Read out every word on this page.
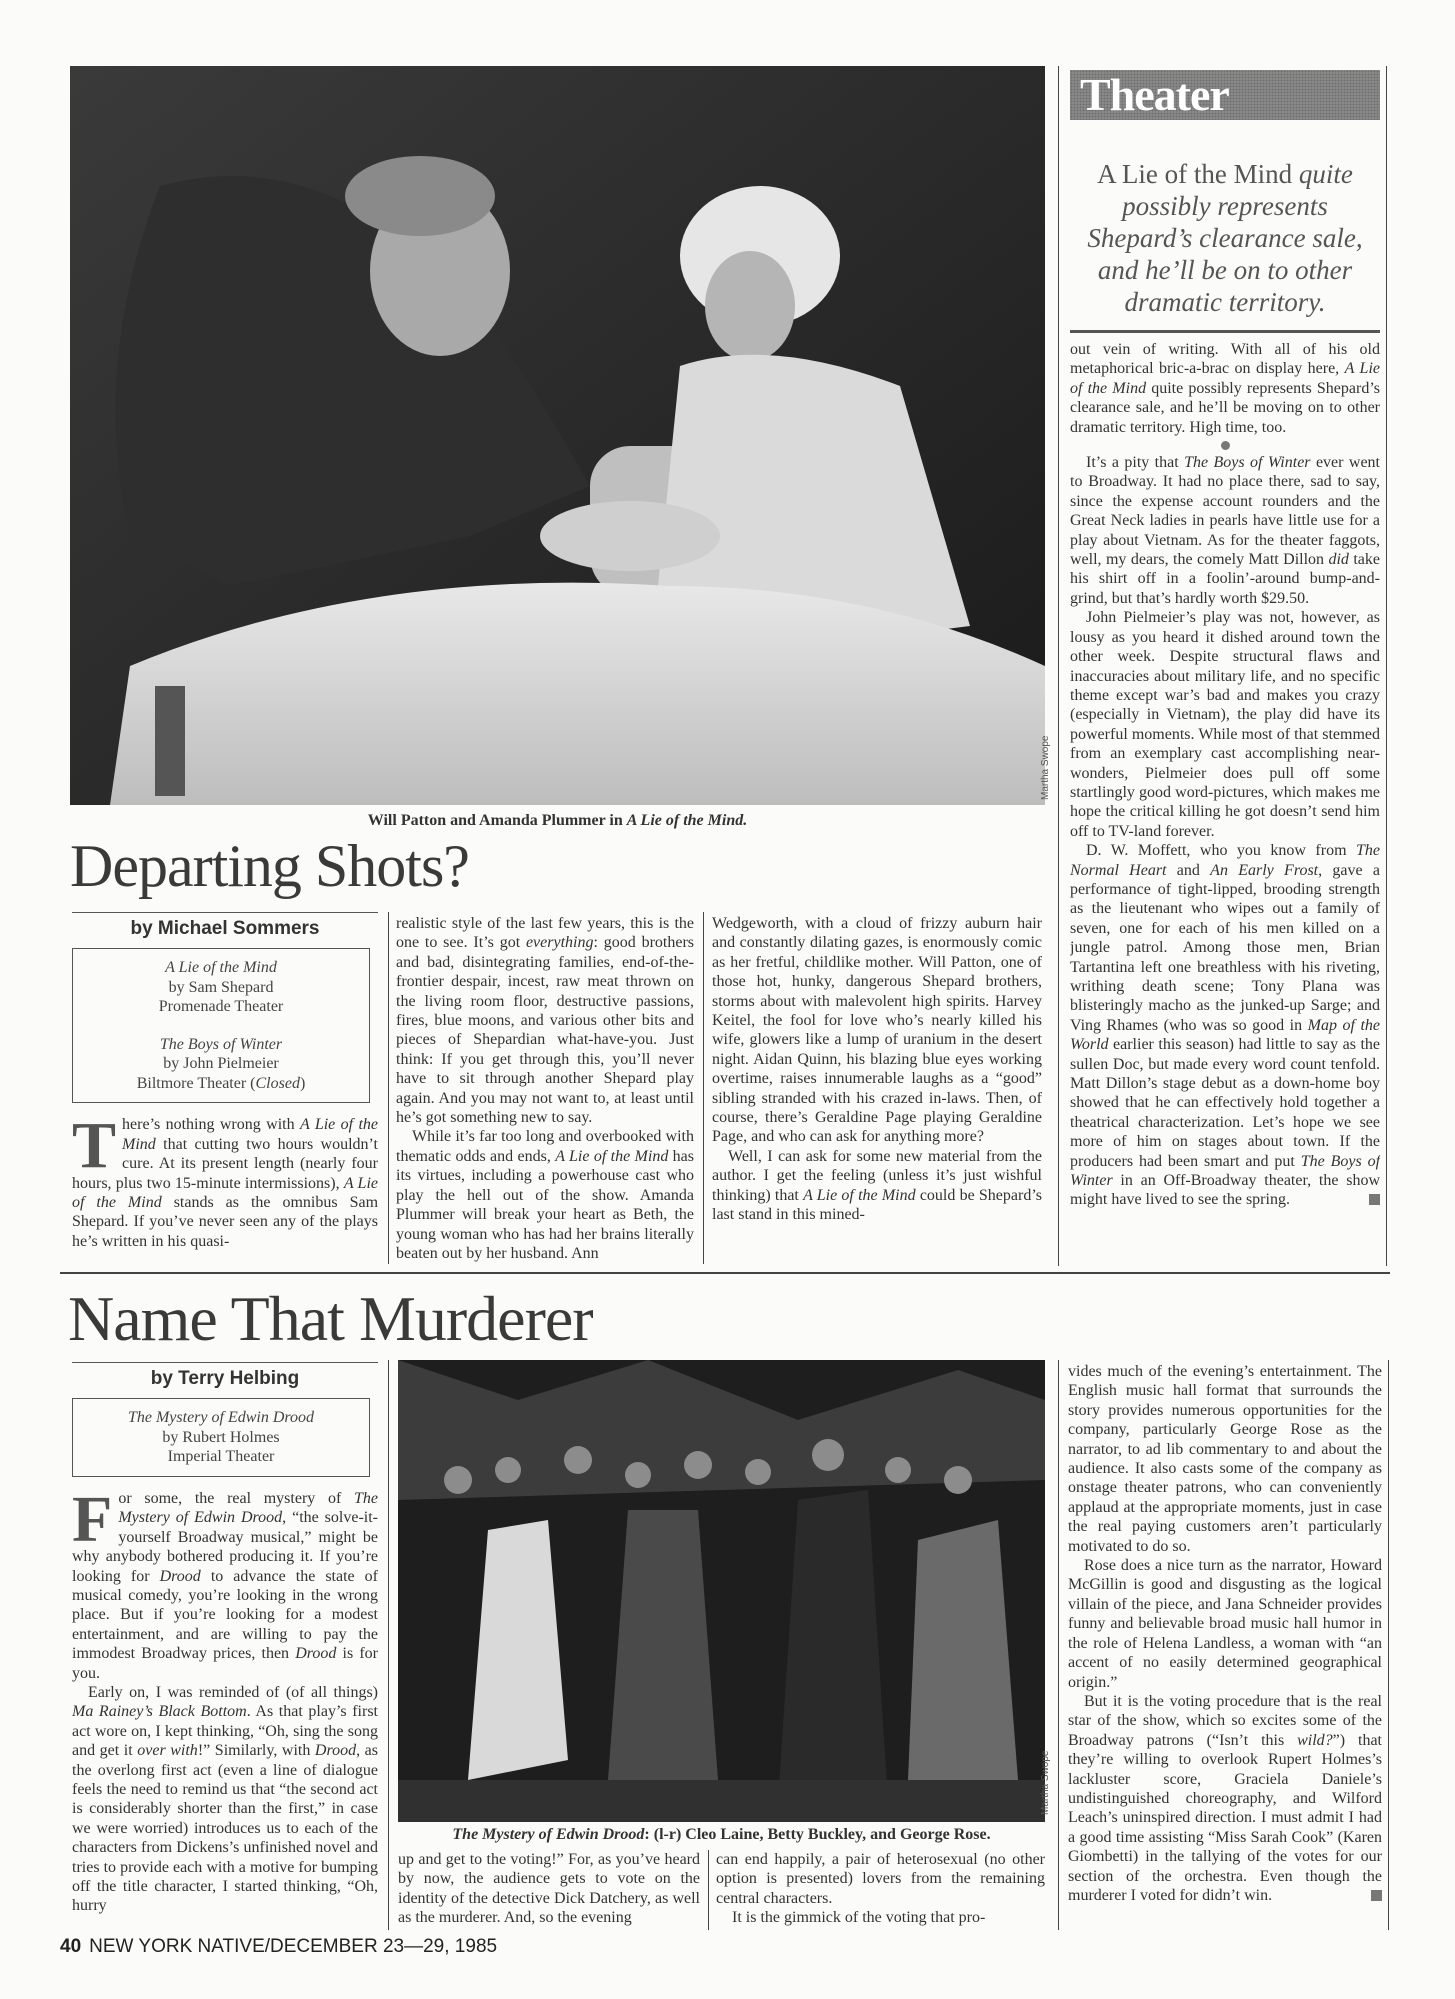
Martha Swope
Will Patton and Amanda Plummer in A Lie of the Mind.
Theater
A Lie of the Mind quite possibly represents Shepard’s clearance sale, and he’ll be on to other dramatic territory.

out vein of writing. With all of his old metaphorical bric-a-brac on display here, A Lie of the Mind quite possibly represents Shepard’s clearance sale, and he’ll be moving on to other dramatic territory. High time, too.

It’s a pity that The Boys of Winter ever went to Broadway. It had no place there, sad to say, since the expense account rounders and the Great Neck ladies in pearls have little use for a play about Vietnam. As for the theater faggots, well, my dears, the comely Matt Dillon did take his shirt off in a foolin’-around bump-and-grind, but that’s hardly worth $29.50.

John Pielmeier’s play was not, however, as lousy as you heard it dished around town the other week. Despite structural flaws and inaccuracies about military life, and no specific theme except war’s bad and makes you crazy (especially in Vietnam), the play did have its powerful moments. While most of that stemmed from an exemplary cast accomplishing near-wonders, Pielmeier does pull off some startlingly good word-pictures, which makes me hope the critical killing he got doesn’t send him off to TV-land forever.

D. W. Moffett, who you know from The Normal Heart and An Early Frost, gave a performance of tight-lipped, brooding strength as the lieutenant who wipes out a family of seven, one for each of his men killed on a jungle patrol. Among those men, Brian Tartantina left one breathless with his riveting, writhing death scene; Tony Plana was blisteringly macho as the junked-up Sarge; and Ving Rhames (who was so good in Map of the World earlier this season) had little to say as the sullen Doc, but made every word count tenfold. Matt Dillon’s stage debut as a down-home boy showed that he can effectively hold together a theatrical characterization. Let’s hope we see more of him on stages about town. If the producers had been smart and put The Boys of Winter in an Off-Broadway theater, the show might have lived to see the spring.

Departing Shots?
by Michael Sommers
A Lie of the Mind
by Sam Shepard
Promenade Theater
The Boys of Winter
by John Pielmeier
Biltmore Theater (Closed)

There’s nothing wrong with A Lie of the Mind that cutting two hours wouldn’t cure. At its present length (nearly four hours, plus two 15-minute intermissions), A Lie of the Mind stands as the omnibus Sam Shepard. If you’ve never seen any of the plays he’s written in his quasi-

realistic style of the last few years, this is the one to see. It’s got everything: good brothers and bad, disintegrating families, end-of-the-frontier despair, incest, raw meat thrown on the living room floor, destructive passions, fires, blue moons, and various other bits and pieces of Shepardian what-have-you. Just think: If you get through this, you’ll never have to sit through another Shepard play again. And you may not want to, at least until he’s got something new to say.

While it’s far too long and overbooked with thematic odds and ends, A Lie of the Mind has its virtues, including a powerhouse cast who play the hell out of the show. Amanda Plummer will break your heart as Beth, the young woman who has had her brains literally beaten out by her husband. Ann

Wedgeworth, with a cloud of frizzy auburn hair and constantly dilating gazes, is enormously comic as her fretful, childlike mother. Will Patton, one of those hot, hunky, dangerous Shepard brothers, storms about with malevolent high spirits. Harvey Keitel, the fool for love who’s nearly killed his wife, glowers like a lump of uranium in the desert night. Aidan Quinn, his blazing blue eyes working overtime, raises innumerable laughs as a “good” sibling stranded with his crazed in-laws. Then, of course, there’s Geraldine Page playing Geraldine Page, and who can ask for anything more?

Well, I can ask for some new material from the author. I get the feeling (unless it’s just wishful thinking) that A Lie of the Mind could be Shepard’s last stand in this mined-

Name That Murderer
by Terry Helbing
The Mystery of Edwin Drood
by Rubert Holmes
Imperial Theater

For some, the real mystery of The Mystery of Edwin Drood, “the solve-it-yourself Broadway musical,” might be why anybody bothered producing it. If you’re looking for Drood to advance the state of musical comedy, you’re looking in the wrong place. But if you’re looking for a modest entertainment, and are willing to pay the immodest Broadway prices, then Drood is for you.

Early on, I was reminded of (of all things) Ma Rainey’s Black Bottom. As that play’s first act wore on, I kept thinking, “Oh, sing the song and get it over with!” Similarly, with Drood, as the overlong first act (even a line of dialogue feels the need to remind us that “the second act is considerably shorter than the first,” in case we were worried) introduces us to each of the characters from Dickens’s unfinished novel and tries to provide each with a motive for bumping off the title character, I started thinking, “Oh, hurry

Martha Swope
The Mystery of Edwin Drood: (l-r) Cleo Laine, Betty Buckley, and George Rose.

up and get to the voting!” For, as you’ve heard by now, the audience gets to vote on the identity of the detective Dick Datchery, as well as the murderer. And, so the evening

can end happily, a pair of heterosexual (no other option is presented) lovers from the remaining central characters.

It is the gimmick of the voting that pro-

vides much of the evening’s entertainment. The English music hall format that surrounds the story provides numerous opportunities for the company, particularly George Rose as the narrator, to ad lib commentary to and about the audience. It also casts some of the company as onstage theater patrons, who can conveniently applaud at the appropriate moments, just in case the real paying customers aren’t particularly motivated to do so.

Rose does a nice turn as the narrator, Howard McGillin is good and disgusting as the logical villain of the piece, and Jana Schneider provides funny and believable broad music hall humor in the role of Helena Landless, a woman with “an accent of no easily determined geographical origin.”

But it is the voting procedure that is the real star of the show, which so excites some of the Broadway patrons (“Isn’t this wild?”) that they’re willing to overlook Rupert Holmes’s lackluster score, Graciela Daniele’s undistinguished choreography, and Wilford Leach’s uninspired direction. I must admit I had a good time assisting “Miss Sarah Cook” (Karen Giombetti) in the tallying of the votes for our section of the orchestra. Even though the murderer I voted for didn’t win.

40 NEW YORK NATIVE/DECEMBER 23—29, 1985
